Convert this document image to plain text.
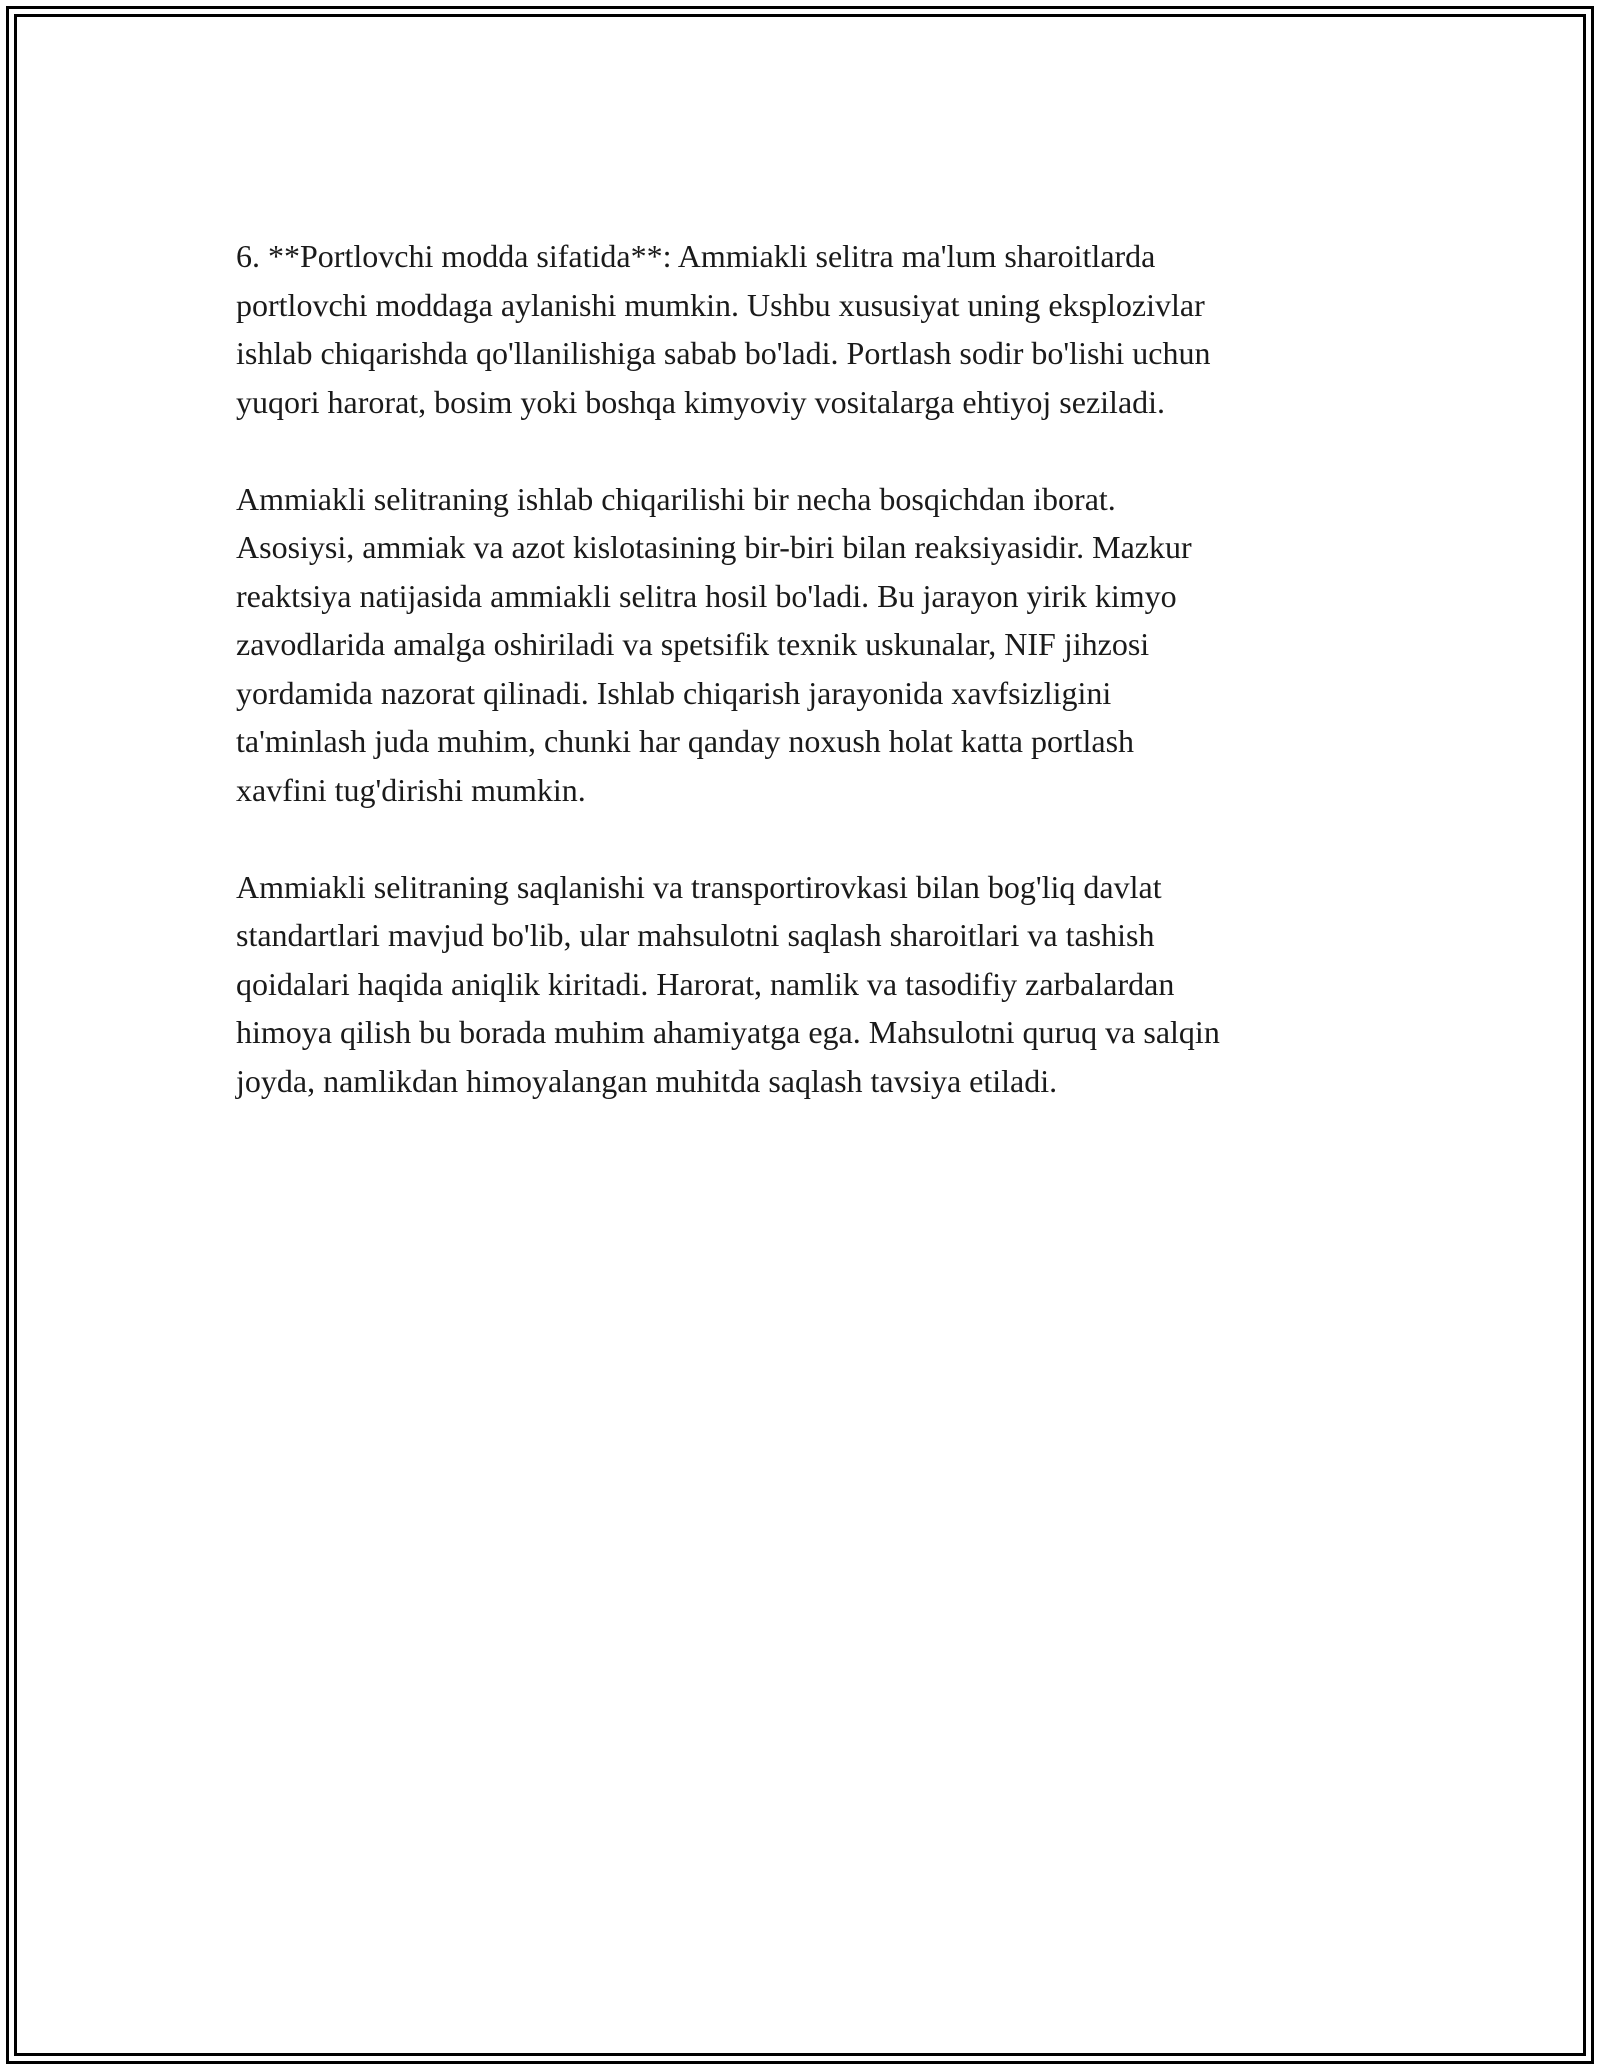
6. **Portlovchi modda sifatida**: Ammiakli selitra ma'lum sharoitlarda
portlovchi moddaga aylanishi mumkin. Ushbu xususiyat uning eksplozivlar
ishlab chiqarishda qo'llanilishiga sabab bo'ladi. Portlash sodir bo'lishi uchun
yuqori harorat, bosim yoki boshqa kimyoviy vositalarga ehtiyoj seziladi.

Ammiakli selitraning ishlab chiqarilishi bir necha bosqichdan iborat.
Asosiysi, ammiak va azot kislotasining bir-biri bilan reaksiyasidir. Mazkur
reaktsiya natijasida ammiakli selitra hosil bo'ladi. Bu jarayon yirik kimyo
zavodlarida amalga oshiriladi va spetsifik texnik uskunalar, NIF jihzosi
yordamida nazorat qilinadi. Ishlab chiqarish jarayonida xavfsizligini
ta'minlash juda muhim, chunki har qanday noxush holat katta portlash
xavfini tug'dirishi mumkin.

Ammiakli selitraning saqlanishi va transportirovkasi bilan bog'liq davlat
standartlari mavjud bo'lib, ular mahsulotni saqlash sharoitlari va tashish
qoidalari haqida aniqlik kiritadi. Harorat, namlik va tasodifiy zarbalardan
himoya qilish bu borada muhim ahamiyatga ega. Mahsulotni quruq va salqin
joyda, namlikdan himoyalangan muhitda saqlash tavsiya etiladi.
